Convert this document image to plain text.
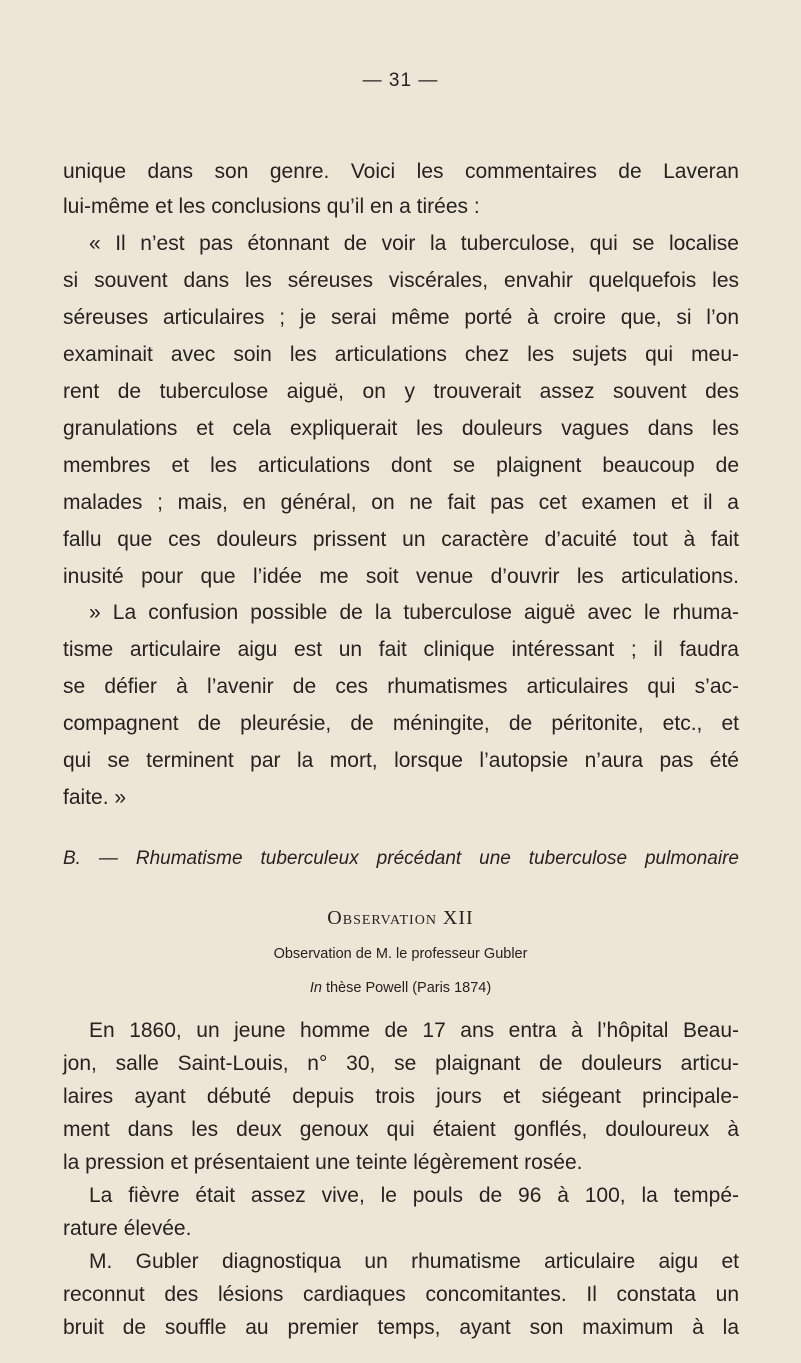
— 31 —
unique dans son genre. Voici les commentaires de Laveran
lui-même et les conclusions qu’il en a tirées :
« Il n’est pas étonnant de voir la tuberculose, qui se localise
si souvent dans les séreuses viscérales, envahir quelquefois les
séreuses articulaires ; je serai même porté à croire que, si l’on
examinait avec soin les articulations chez les sujets qui meu-
rent de tuberculose aiguë, on y trouverait assez souvent des
granulations et cela expliquerait les douleurs vagues dans les
membres et les articulations dont se plaignent beaucoup de
malades ; mais, en général, on ne fait pas cet examen et il a
fallu que ces douleurs prissent un caractère d’acuité tout à fait
inusité pour que l’idée me soit venue d’ouvrir les articulations.
» La confusion possible de la tuberculose aiguë avec le rhuma-
tisme articulaire aigu est un fait clinique intéressant ; il faudra
se défier à l’avenir de ces rhumatismes articulaires qui s’ac-
compagnent de pleurésie, de méningite, de péritonite, etc., et
qui se terminent par la mort, lorsque l’autopsie n’aura pas été
faite. »
B. — Rhumatisme tuberculeux précédant une tuberculose pulmonaire
Observation XII
Observation de M. le professeur Gubler
In thèse Powell (Paris 1874)
En 1860, un jeune homme de 17 ans entra à l’hôpital Beau-
jon, salle Saint-Louis, n° 30, se plaignant de douleurs articu-
laires ayant débuté depuis trois jours et siégeant principale-
ment dans les deux genoux qui étaient gonflés, douloureux à
la pression et présentaient une teinte légèrement rosée.
La fièvre était assez vive, le pouls de 96 à 100, la tempé-
rature élevée.
M. Gubler diagnostiqua un rhumatisme articulaire aigu et
reconnut des lésions cardiaques concomitantes. Il constata un
bruit de souffle au premier temps, ayant son maximum à la
